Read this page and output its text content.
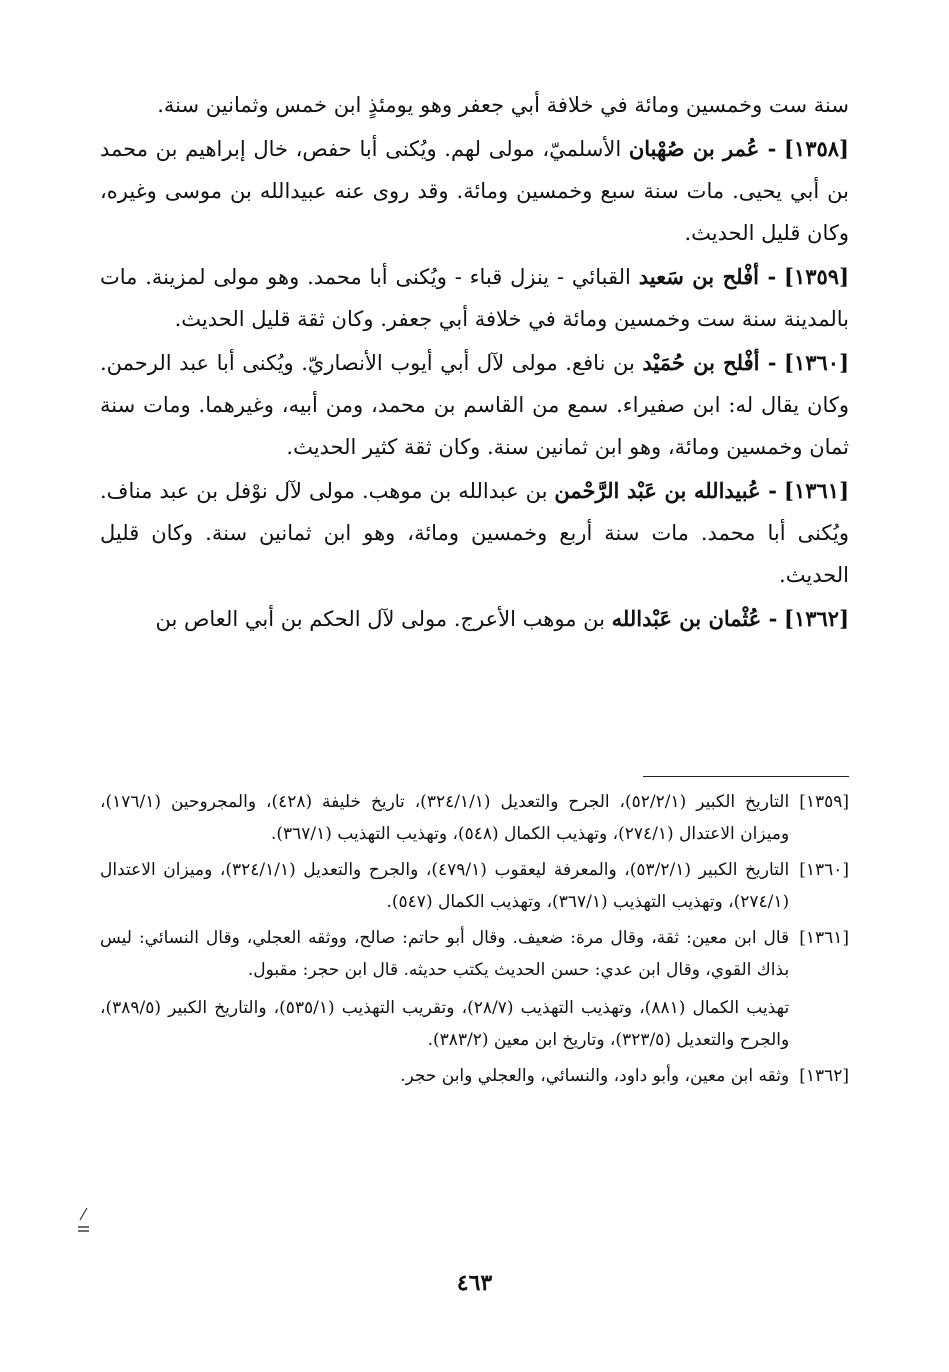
سنة ست وخمسين ومائة في خلافة أبي جعفر وهو يومئذٍ ابن خمس وثمانين سنة.

[١٣٥٨] - عُمر بن صُهْبان الأسلميّ، مولى لهم. ويُكنى أبا حفص، خال إبراهيم بن محمد بن أبي يحيى. مات سنة سبع وخمسين ومائة. وقد روى عنه عبيدالله بن موسى وغيره، وكان قليل الحديث.

[١٣٥٩] - أفْلح بن سَعيد القبائي - ينزل قباء - ويُكنى أبا محمد. وهو مولى لمزينة. مات بالمدينة سنة ست وخمسين ومائة في خلافة أبي جعفر. وكان ثقة قليل الحديث.

[١٣٦٠] - أفْلح بن حُمَيْد بن نافع. مولى لآل أبي أيوب الأنصاريّ. ويُكنى أبا عبد الرحمن. وكان يقال له: ابن صفيراء. سمع من القاسم بن محمد، ومن أبيه، وغيرهما. ومات سنة ثمان وخمسين ومائة، وهو ابن ثمانين سنة. وكان ثقة كثير الحديث.

[١٣٦١] - عُبيدالله بن عَبْد الرَّحْمن بن عبدالله بن موهب. مولى لآل نوْفل بن عبد مناف. ويُكنى أبا محمد. مات سنة أربع وخمسين ومائة، وهو ابن ثمانين سنة. وكان قليل الحديث.

[١٣٦٢] - عُثْمان بن عَبْدالله بن موهب الأعرج. مولى لآل الحكم بن أبي العاص بن

[١٣٥٩]
التاريخ الكبير (٥٢/٢/١)، الجرح والتعديل (٣٢٤/١/١)، تاريخ خليفة (٤٢٨)، والمجروحين (١٧٦/١)، وميزان الاعتدال (٢٧٤/١)، وتهذيب الكمال (٥٤٨)، وتهذيب التهذيب (٣٦٧/١).
[١٣٦٠]
التاريخ الكبير (٥٣/٢/١)، والمعرفة ليعقوب (٤٧٩/١)، والجرح والتعديل (٣٢٤/١/١)، وميزان الاعتدال (٢٧٤/١)، وتهذيب التهذيب (٣٦٧/١)، وتهذيب الكمال (٥٤٧).
[١٣٦١]
قال ابن معين: ثقة، وقال مرة: ضعيف. وقال أبو حاتم: صالح، ووثقه العجلي، وقال النسائي: ليس بذاك القوي، وقال ابن عدي: حسن الحديث يكتب حديثه. قال ابن حجر: مقبول.
تهذيب الكمال (٨٨١)، وتهذيب التهذيب (٢٨/٧)، وتقريب التهذيب (٥٣٥/١)، والتاريخ الكبير (٣٨٩/٥)، والجرح والتعديل (٣٢٣/٥)، وتاريخ ابن معين (٣٨٣/٢).
[١٣٦٢]
وثقه ابن معين، وأبو داود، والنسائي، والعجلي وابن حجر.
٤٦٣
